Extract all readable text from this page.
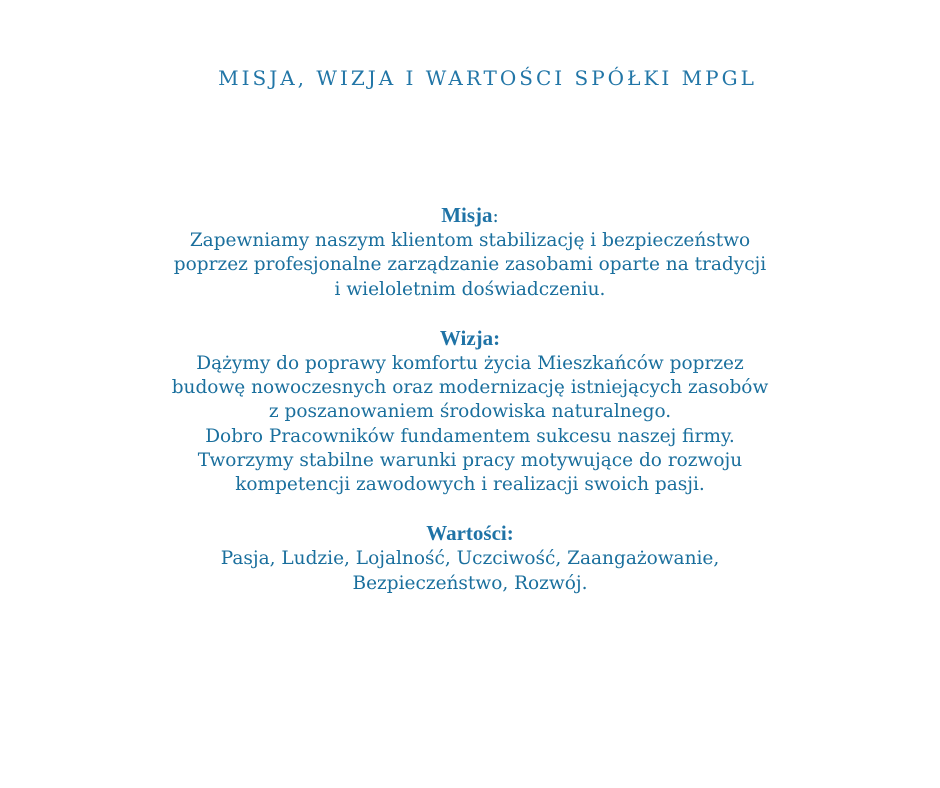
MISJA, WIZJA I WARTOŚCI SPÓŁKI MPGL
Misja:
Zapewniamy naszym klientom stabilizację i bezpieczeństwo
poprzez profesjonalne zarządzanie zasobami oparte na tradycji
i wieloletnim doświadczeniu.
Wizja:
Dążymy do poprawy komfortu życia Mieszkańców poprzez
budowę nowoczesnych oraz modernizację istniejących zasobów
z poszanowaniem środowiska naturalnego.
Dobro Pracowników fundamentem sukcesu naszej firmy.
Tworzymy stabilne warunki pracy motywujące do rozwoju
kompetencji zawodowych i realizacji swoich pasji.
Wartości:
Pasja, Ludzie, Lojalność, Uczciwość, Zaangażowanie,
Bezpieczeństwo, Rozwój.
